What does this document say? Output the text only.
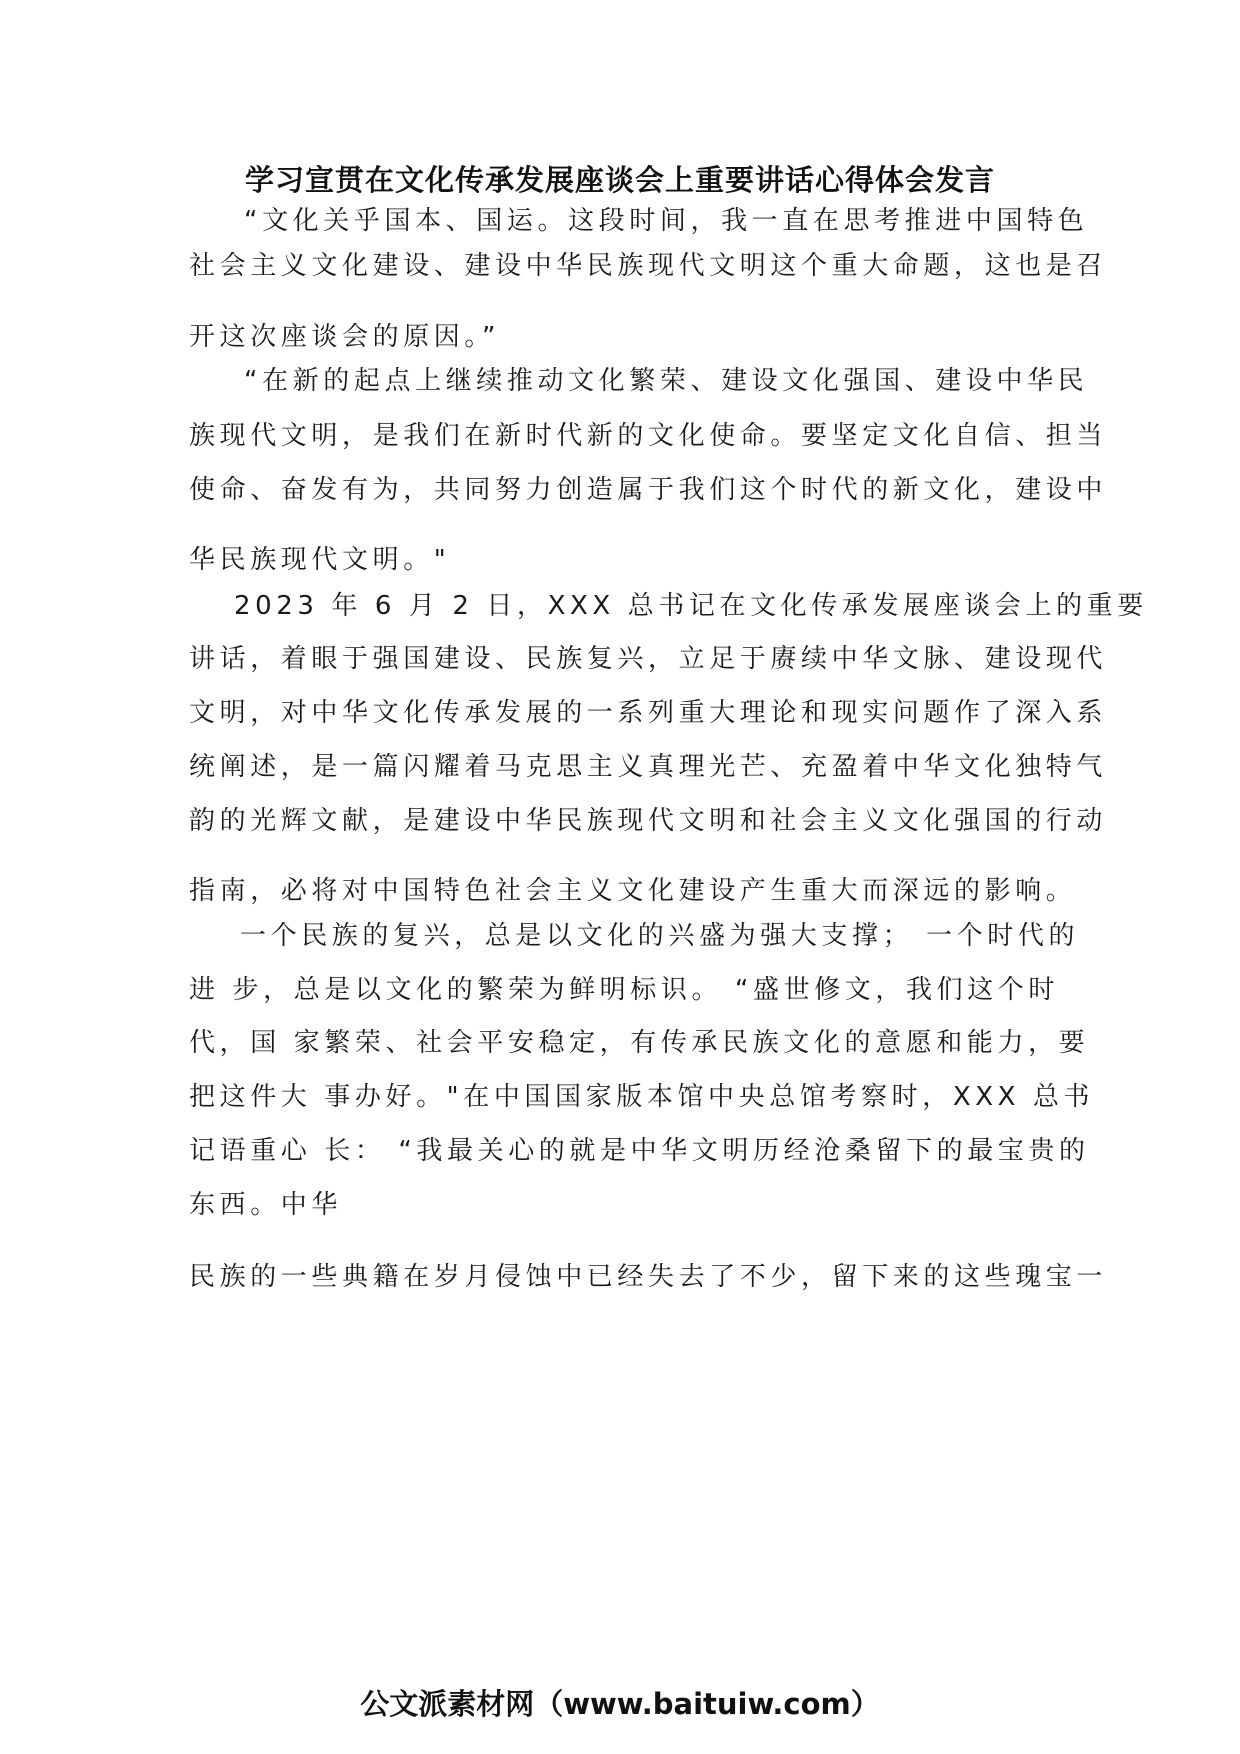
学习宣贯在文化传承发展座谈会上重要讲话心得体会发言
“文化关乎国本、国运。这段时间，我一直在思考推进中国特色
社会主义文化建设、建设中华民族现代文明这个重大命题，这也是召
开这次座谈会的原因。”
“在新的起点上继续推动文化繁荣、建设文化强国、建设中华民
族现代文明，是我们在新时代新的文化使命。要坚定文化自信、担当
使命、奋发有为，共同努力创造属于我们这个时代的新文化，建设中
华民族现代文明。"
2023 年 6 月 2 日，XXX 总书记在文化传承发展座谈会上的重要
讲话，着眼于强国建设、民族复兴，立足于赓续中华文脉、建设现代
文明，对中华文化传承发展的一系列重大理论和现实问题作了深入系
统阐述，是一篇闪耀着马克思主义真理光芒、充盈着中华文化独特气
韵的光辉文献，是建设中华民族现代文明和社会主义文化强国的行动
指南，必将对中国特色社会主义文化建设产生重大而深远的影响。
一个民族的复兴，总是以文化的兴盛为强大支撑； 一个时代的
进 步，总是以文化的繁荣为鲜明标识。 “盛世修文，我们这个时
代，国 家繁荣、社会平安稳定，有传承民族文化的意愿和能力，要
把这件大 事办好。"在中国国家版本馆中央总馆考察时，XXX 总书
记语重心 长： “我最关心的就是中华文明历经沧桑留下的最宝贵的
东西。中华
民族的一些典籍在岁月侵蚀中已经失去了不少，留下来的这些瑰宝一
公文派素材网（www.baituiw.com）
